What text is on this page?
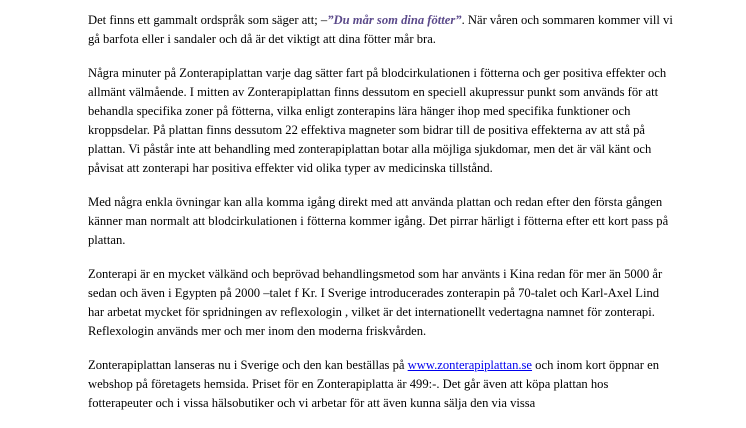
Det finns ett gammalt ordspråk som säger att; –”Du mår som dina fötter”. När våren och sommaren kommer vill vi gå barfota eller i sandaler och då är det viktigt att dina fötter mår bra.

Några minuter på Zonterapiplattan varje dag sätter fart på blodcirkulationen i fötterna och ger positiva effekter och allmänt välmående. I mitten av Zonterapiplattan finns dessutom en speciell akupressur punkt som används för att behandla specifika zoner på fötterna, vilka enligt zonterapins lära hänger ihop med specifika funktioner och kroppsdelar. På plattan finns dessutom 22 effektiva magneter som bidrar till de positiva effekterna av att stå på plattan. Vi påstår inte att behandling med zonterapiplattan botar alla möjliga sjukdomar, men det är väl känt och påvisat att zonterapi har positiva effekter vid olika typer av medicinska tillstånd.

Med några enkla övningar kan alla komma igång direkt med att använda plattan och redan efter den första gången känner man normalt att blodcirkulationen i fötterna kommer igång. Det pirrar härligt i fötterna efter ett kort pass på plattan.

Zonterapi är en mycket välkänd och beprövad behandlingsmetod som har använts i Kina redan för mer än 5000 år sedan och även i Egypten på 2000 –talet f Kr. I Sverige introducerades zonterapin på 70-talet och Karl-Axel Lind har arbetat mycket för spridningen av reflexologin , vilket är det internationellt vedertagna namnet för zonterapi. Reflexologin används mer och mer inom den moderna friskvården.

Zonterapiplattan lanseras nu i Sverige och den kan beställas på www.zonterapiplattan.se och inom kort öppnar en webshop på företagets hemsida. Priset för en Zonterapiplatta är 499:-. Det går även att köpa plattan hos fotterapeuter och i vissa hälsobutiker och vi arbetar för att även kunna sälja den via vissa
